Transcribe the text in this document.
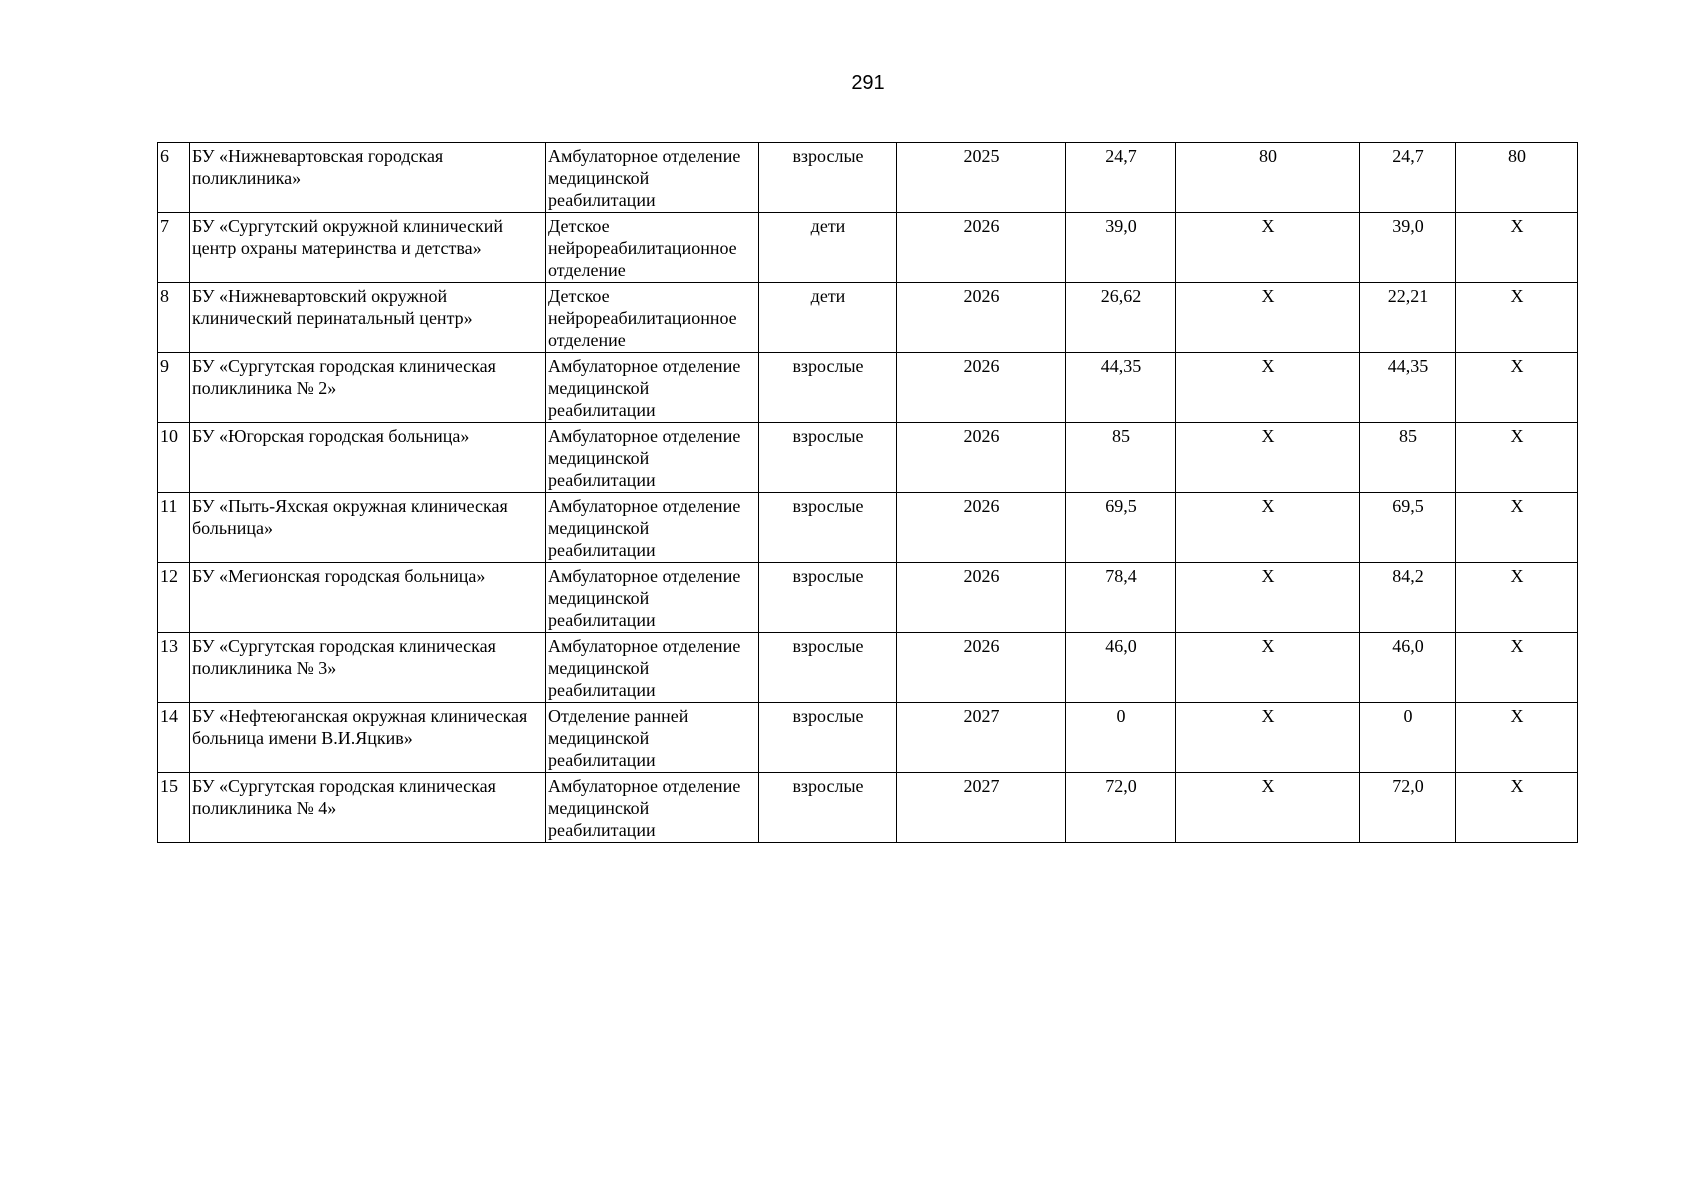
291
6	БУ «Нижневартовская городская поликлиника»	Амбулаторное отделение медицинской реабилитации	взрослые	2025	24,7	80	24,7	80
7	БУ «Сургутский окружной клинический центр охраны материнства и детства»	Детское нейрореабилитационное отделение	дети	2026	39,0	Х	39,0	Х
8	БУ «Нижневартовский окружной клинический перинатальный центр»	Детское нейрореабилитационное отделение	дети	2026	26,62	Х	22,21	Х
9	БУ «Сургутская городская клиническая поликлиника № 2»	Амбулаторное отделение медицинской реабилитации	взрослые	2026	44,35	Х	44,35	Х
10	БУ «Югорская городская больница»	Амбулаторное отделение медицинской реабилитации	взрослые	2026	85	Х	85	Х
11	БУ «Пыть-Яхская окружная клиническая больница»	Амбулаторное отделение медицинской реабилитации	взрослые	2026	69,5	Х	69,5	Х
12	БУ «Мегионская городская больница»	Амбулаторное отделение медицинской реабилитации	взрослые	2026	78,4	Х	84,2	Х
13	БУ «Сургутская городская клиническая поликлиника № 3»	Амбулаторное отделение медицинской реабилитации	взрослые	2026	46,0	Х	46,0	Х
14	БУ «Нефтеюганская окружная клиническая больница имени В.И.Яцкив»	Отделение ранней медицинской реабилитации	взрослые	2027	0	Х	0	Х
15	БУ «Сургутская городская клиническая поликлиника № 4»	Амбулаторное отделение медицинской реабилитации	взрослые	2027	72,0	Х	72,0	Х
